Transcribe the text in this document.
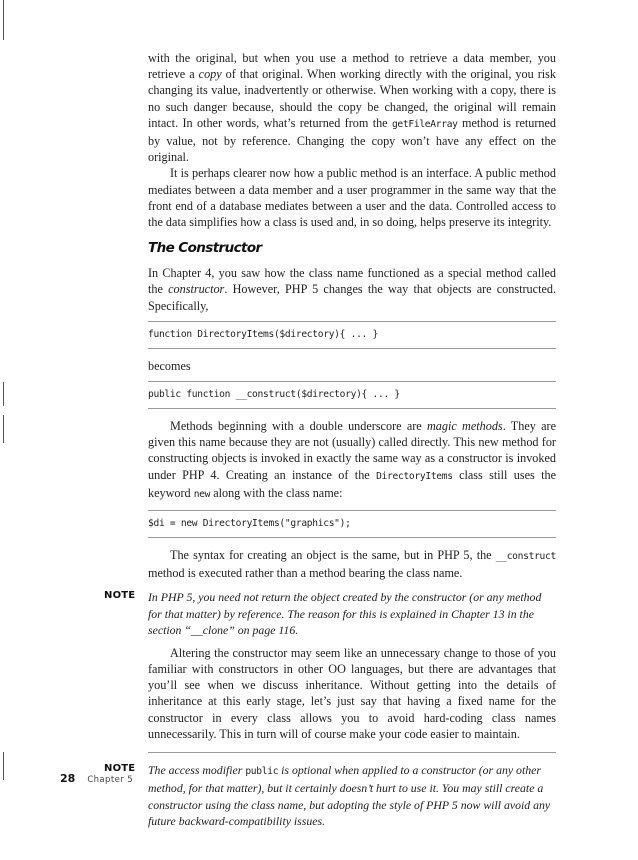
with the original, but when you use a method to retrieve a data member, you retrieve a copy of that original. When working directly with the original, you risk changing its value, inadvertently or otherwise. When working with a copy, there is no such danger because, should the copy be changed, the original will remain intact. In other words, what’s returned from the getFileArray method is returned by value, not by reference. Changing the copy won’t have any effect on the original.

It is perhaps clearer now how a public method is an interface. A public method mediates between a data member and a user programmer in the same way that the front end of a database mediates between a user and the data. Controlled access to the data simplifies how a class is used and, in so doing, helps preserve its integrity.

The Constructor

In Chapter 4, you saw how the class name functioned as a special method called the constructor. However, PHP 5 changes the way that objects are constructed. Specifically,

function DirectoryItems($directory){ ... }

becomes

public function __construct($directory){ ... }

Methods beginning with a double underscore are magic methods. They are given this name because they are not (usually) called directly. This new method for constructing objects is invoked in exactly the same way as a constructor is invoked under PHP 4. Creating an instance of the DirectoryItems class still uses the keyword new along with the class name:

$di = new DirectoryItems("graphics");

The syntax for creating an object is the same, but in PHP 5, the __construct method is executed rather than a method bearing the class name.

NOTE In PHP 5, you need not return the object created by the constructor (or any method for that matter) by reference. The reason for this is explained in Chapter 13 in the section “__clone” on page 116.

Altering the constructor may seem like an unnecessary change to those of you familiar with constructors in other OO languages, but there are advantages that you’ll see when we discuss inheritance. Without getting into the details of inheritance at this early stage, let’s just say that having a fixed name for the constructor in every class allows you to avoid hard-coding class names unnecessarily. This in turn will of course make your code easier to maintain.

NOTE The access modifier public is optional when applied to a constructor (or any other method, for that matter), but it certainly doesn’t hurt to use it. You may still create a constructor using the class name, but adopting the style of PHP 5 now will avoid any future backward-compatibility issues.

28 Chapter 5
